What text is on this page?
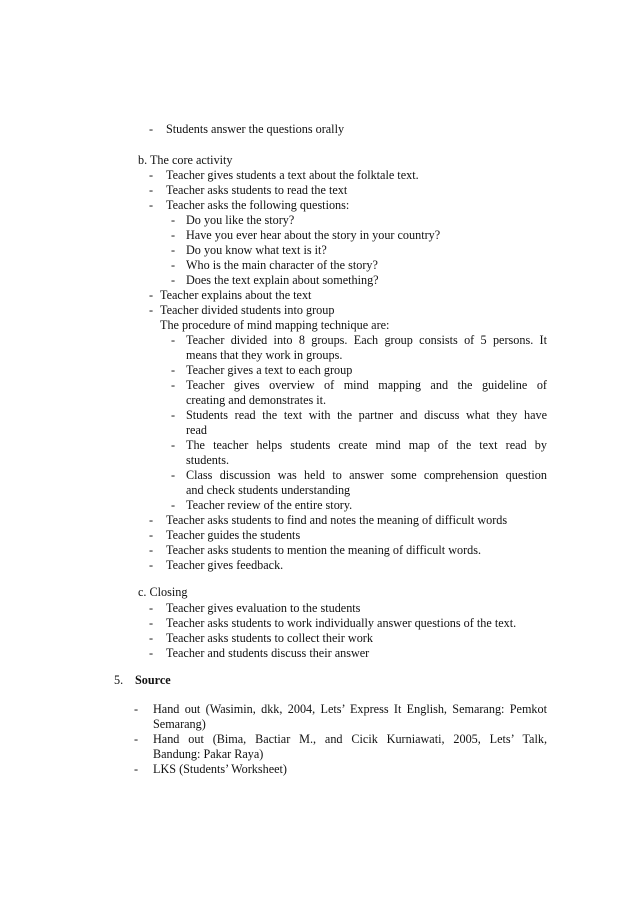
- Students answer the questions orally
b. The core activity
- Teacher gives students a text about the folktale text.
- Teacher asks students to read the text
- Teacher asks the following questions:
- Do you like the story?
- Have you ever hear about the story in your country?
- Do you know what text is it?
- Who is the main character of the story?
- Does the text explain about something?
- Teacher explains about the text
- Teacher divided students into group
The procedure of mind mapping technique are:
- Teacher divided into 8 groups. Each group consists of 5 persons. It
means that they work in groups.
- Teacher gives a text to each group
- Teacher gives overview of mind mapping and the guideline of
creating and demonstrates it.
- Students read the text with the partner and discuss what they have
read
- The teacher helps students create mind map of the text read by
students.
- Class discussion was held to answer some comprehension question
and check students understanding
- Teacher review of the entire story.
- Teacher asks students to find and notes the meaning of difficult words
- Teacher guides the students
- Teacher asks students to mention the meaning of difficult words.
- Teacher gives feedback.
c. Closing
- Teacher gives evaluation to the students
- Teacher asks students to work individually answer questions of the text.
- Teacher asks students to collect their work
- Teacher and students discuss their answer
5. Source
- Hand out (Wasimin, dkk, 2004, Lets’ Express It English, Semarang: Pemkot
Semarang)
- Hand out (Bima, Bactiar M., and Cicik Kurniawati, 2005, Lets’ Talk,
Bandung: Pakar Raya)
- LKS (Students’ Worksheet)
